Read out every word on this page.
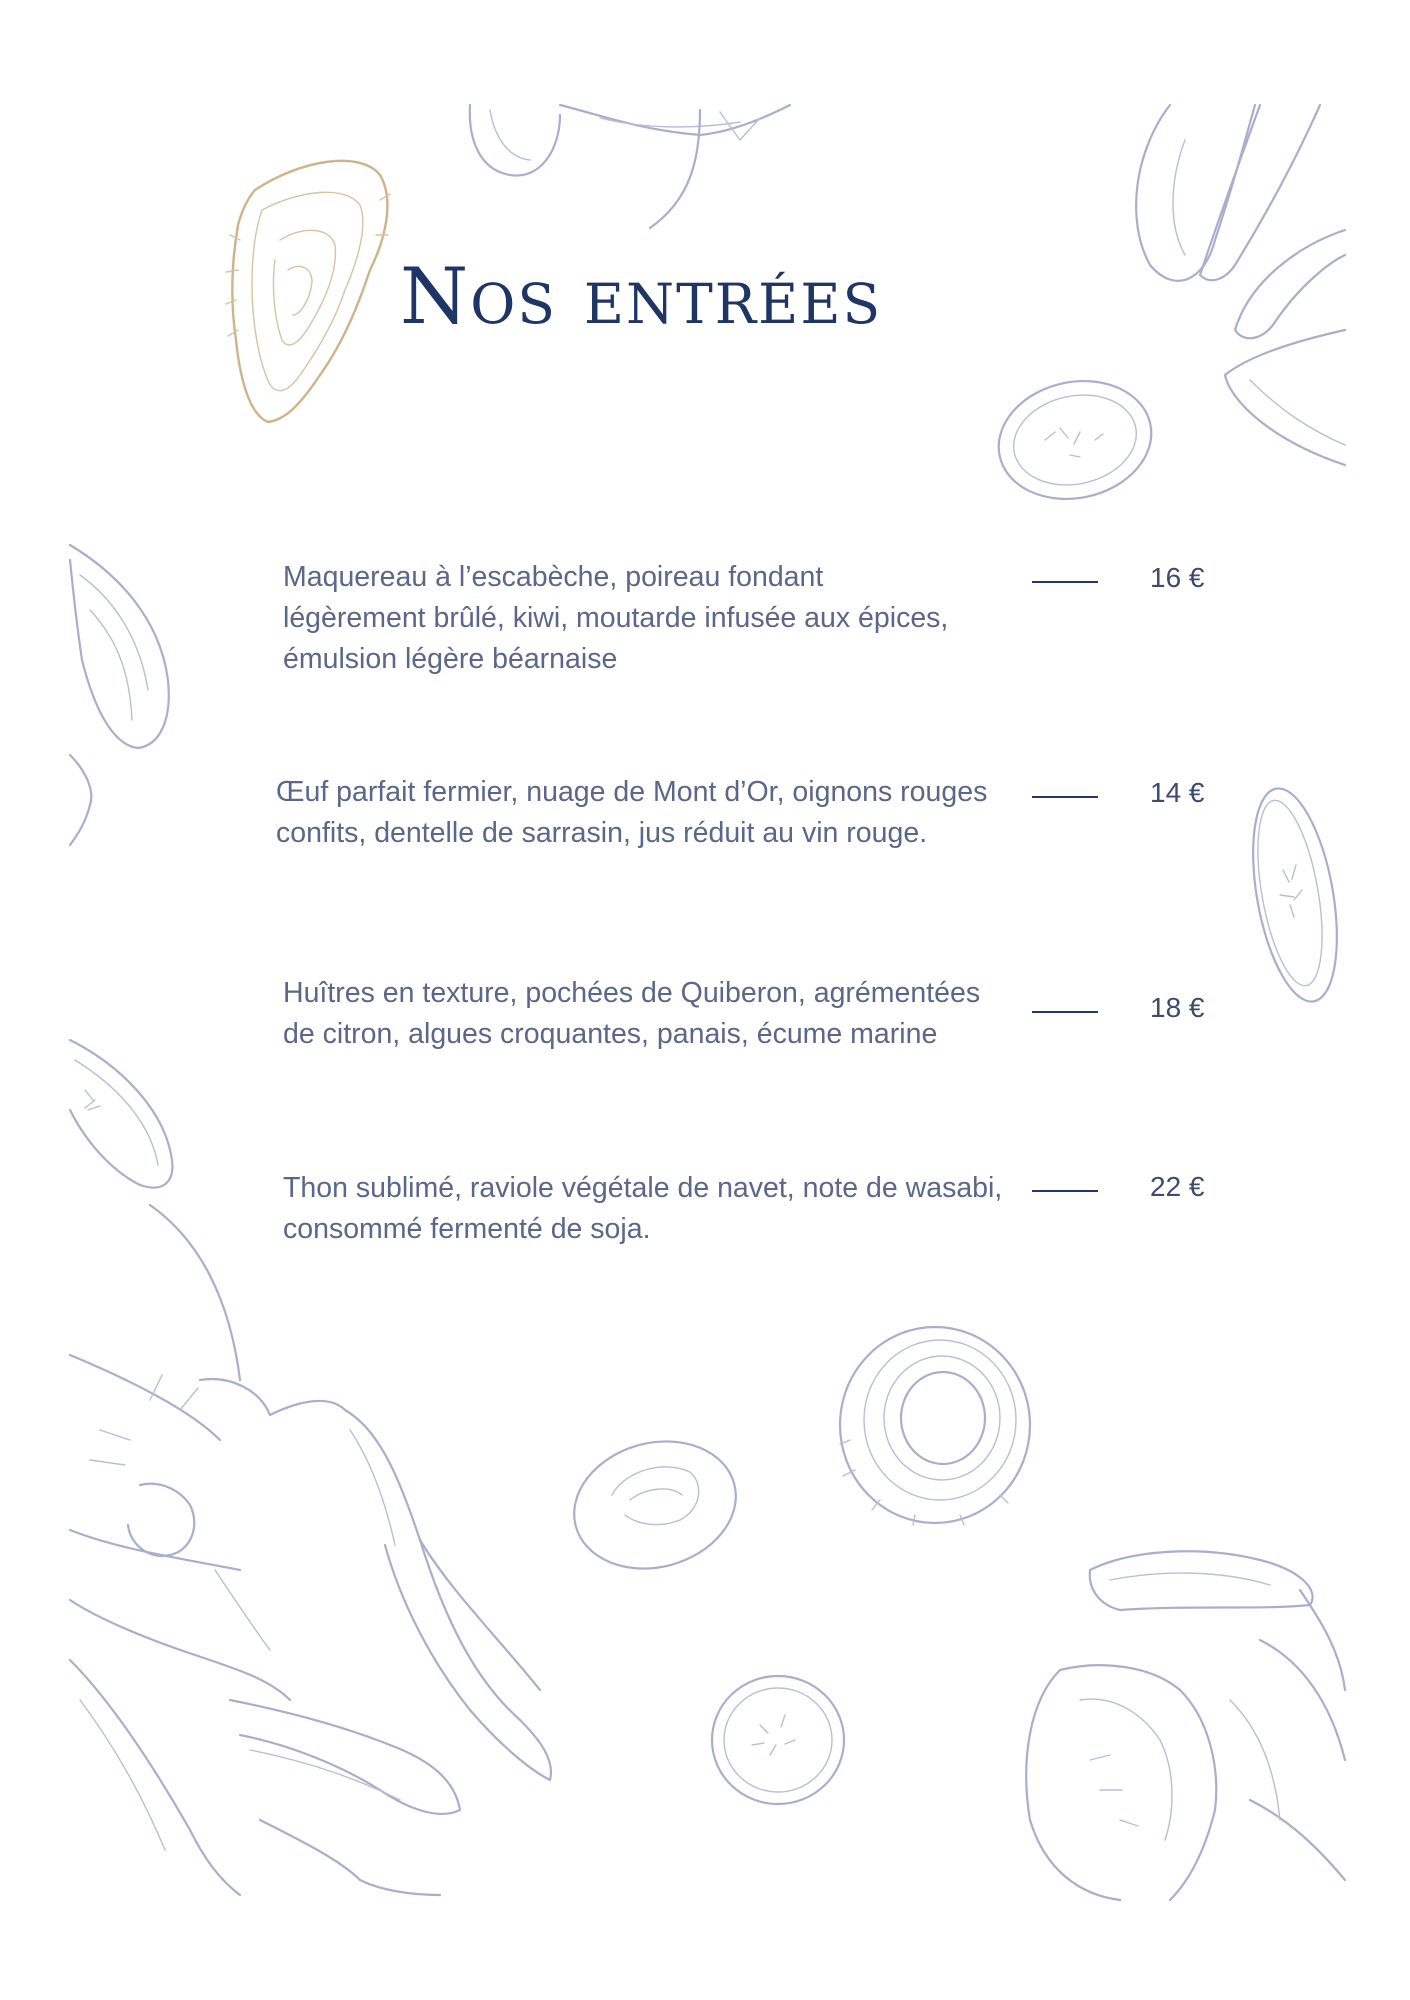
Nos entrées

Maquereau à l’escabèche, poireau fondant légèrement brûlé, kiwi, moutarde infusée aux épices, émulsion légère béarnaise

16 €

Œuf parfait fermier, nuage de Mont d’Or, oignons rouges confits, dentelle de sarrasin, jus réduit au vin rouge.

14 €

Huîtres en texture, pochées de Quiberon, agrémentées de citron, algues croquantes, panais, écume marine

18 €

Thon sublimé, raviole végétale de navet, note de wasabi, consommé fermenté de soja.

22 €
